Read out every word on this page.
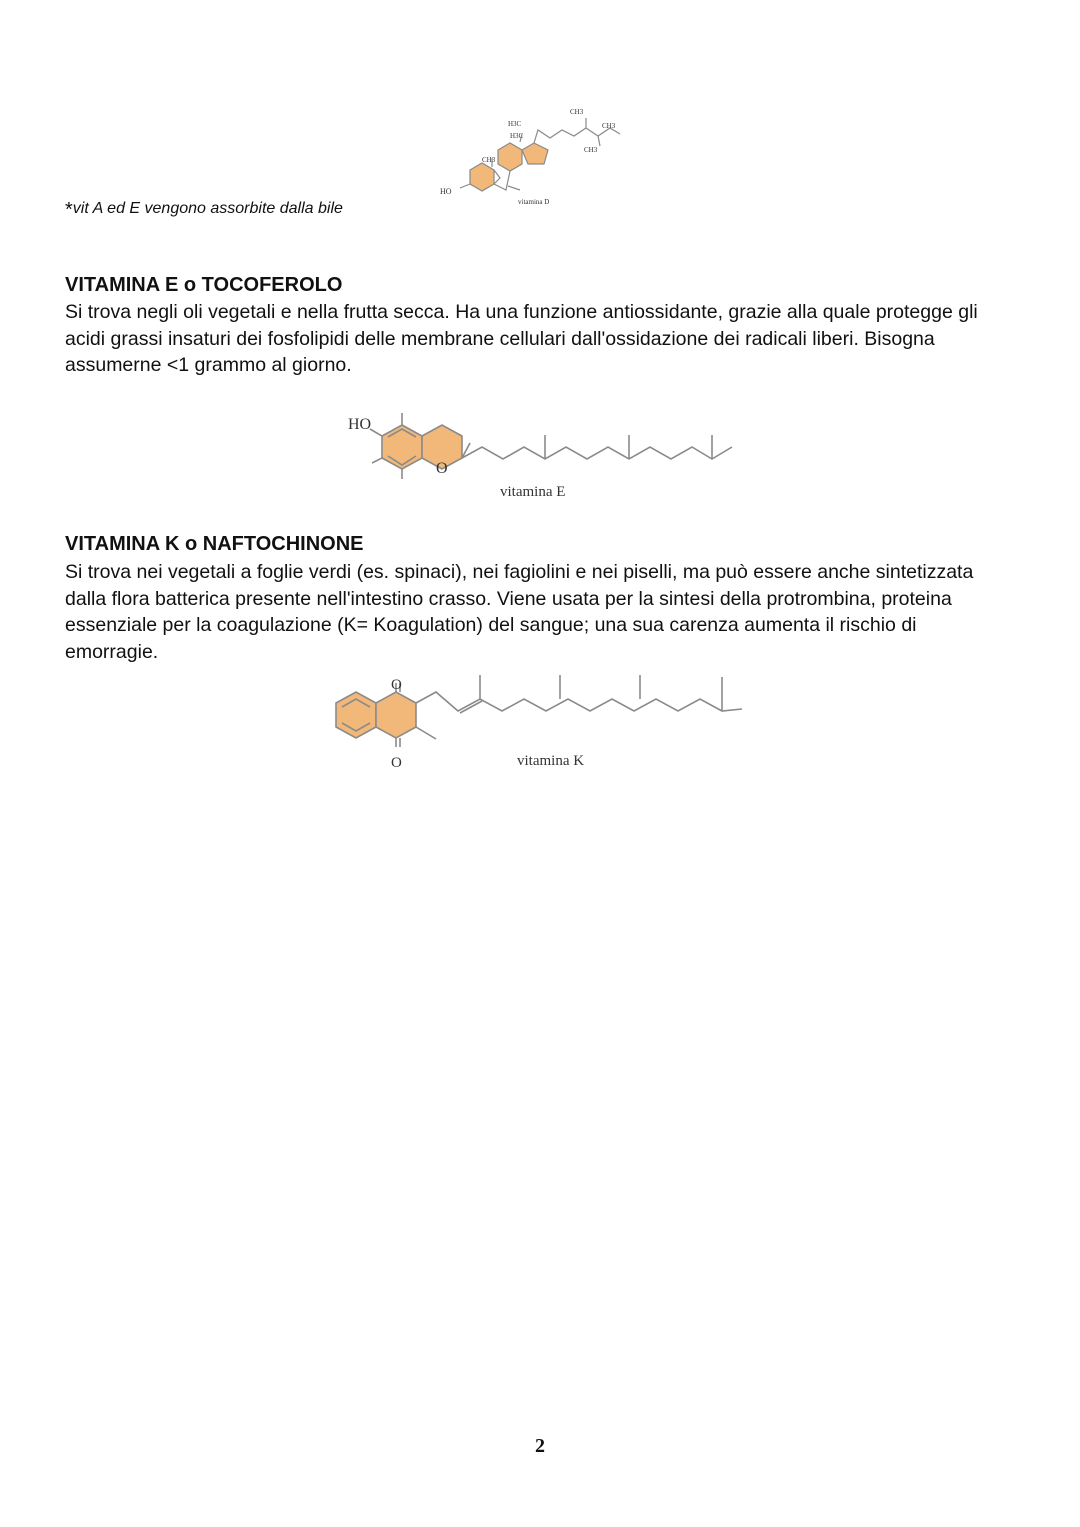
*vit A ed E vengono assorbite dalla bile
HO
CH3
H3C
H3C
CH3
CH3
CH3
vitamina D
VITAMINA E o TOCOFEROLO
Si trova negli oli vegetali e nella frutta secca. Ha una funzione antiossidante, grazie alla quale protegge gli acidi grassi insaturi dei fosfolipidi delle membrane cellulari dall'ossidazione dei radicali liberi. Bisogna assumerne <1 grammo al giorno.
HO
O
vitamina E
VITAMINA K o NAFTOCHINONE
Si trova nei vegetali a foglie verdi (es. spinaci), nei fagiolini e nei piselli, ma può essere anche sintetizzata dalla flora batterica presente nell'intestino crasso. Viene usata per la sintesi della protrombina, proteina essenziale per la coagulazione (K= Koagulation) del sangue; una sua carenza aumenta il rischio di emorragie.
O
O	vitamina K
2
